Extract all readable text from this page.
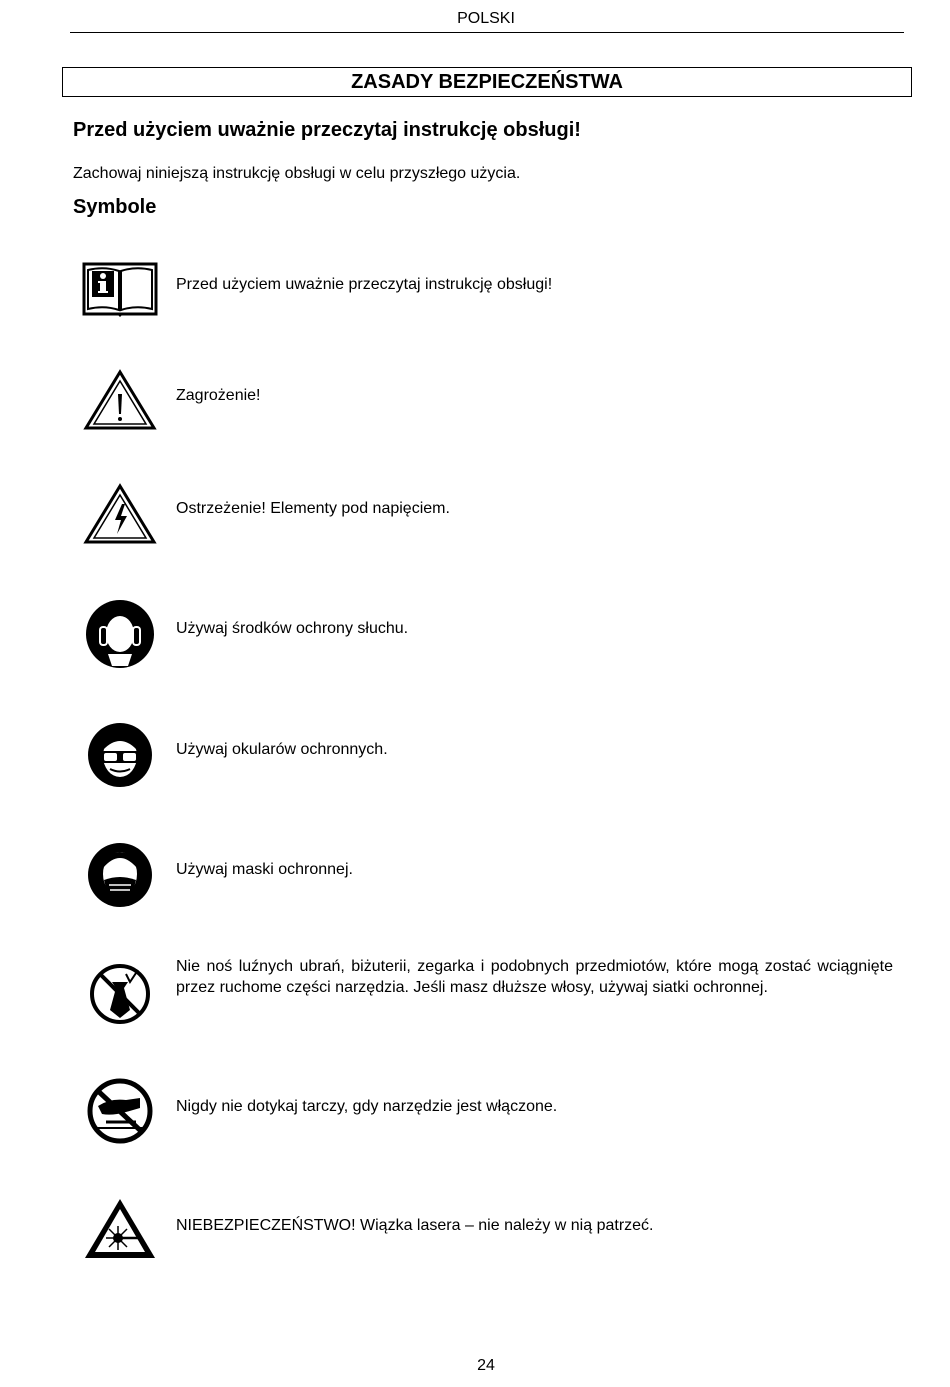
POLSKI
ZASADY BEZPIECZEŃSTWA
Przed użyciem uważnie przeczytaj instrukcję obsługi!
Zachowaj niniejszą instrukcję obsługi w celu przyszłego użycia.
Symbole
Przed użyciem uważnie przeczytaj instrukcję obsługi!
Zagrożenie!
Ostrzeżenie! Elementy pod napięciem.
Używaj środków ochrony słuchu.
Używaj okularów ochronnych.
Używaj maski ochronnej.
Nie noś luźnych ubrań, biżuterii, zegarka i podobnych przedmiotów, które mogą zostać wciągnięte przez ruchome części narzędzia. Jeśli masz dłuższe włosy, używaj siatki ochronnej.
Nigdy nie dotykaj tarczy, gdy narzędzie jest włączone.
NIEBEZPIECZEŃSTWO! Wiązka lasera – nie należy w nią patrzeć.
24
